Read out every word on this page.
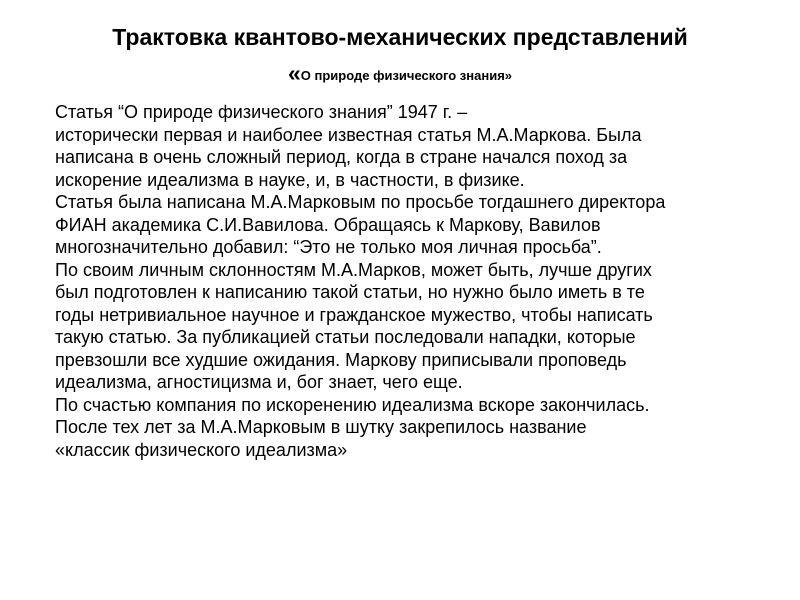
Трактовка квантово-механических представлений
«О природе физического знания»
Статья “О природе физического знания” 1947 г. –
исторически первая и наиболее известная статья М.А.Маркова. Была
написана в очень сложный период, когда в стране начался поход за
искорение идеализма в науке, и, в частности, в физике.
Статья была написана М.А.Марковым по просьбе тогдашнего директора
ФИАН академика С.И.Вавилова. Обращаясь к Маркову, Вавилов
многозначительно добавил: “Это не только моя личная просьба”.
По своим личным склонностям М.А.Марков, может быть, лучше других
был подготовлен к написанию такой статьи, но нужно было иметь в те
годы нетривиальное научное и гражданское мужество, чтобы написать
такую статью. За публикацией статьи последовали нападки, которые
превзошли все худшие ожидания. Маркову приписывали проповедь
идеализма, агностицизма и, бог знает, чего еще.
По счастью компания по искоренению идеализма вскоре закончилась.
После тех лет за М.А.Марковым в шутку закрепилось название
«классик физического идеализма»
